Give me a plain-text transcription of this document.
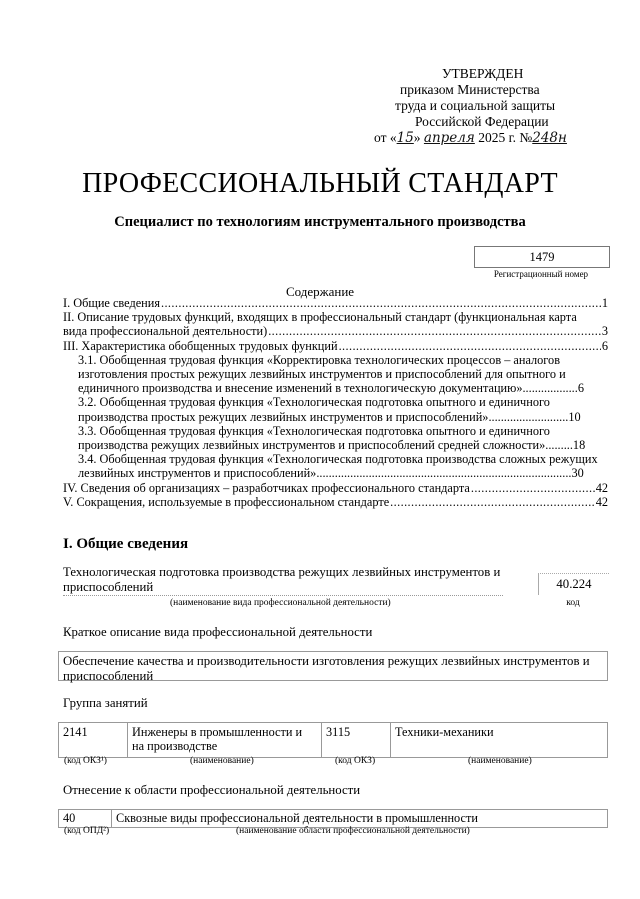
УТВЕРЖДЕН
приказом Министерства
труда и социальной защиты
Российской Федерации
от «15» апреля 2025 г. №248н
ПРОФЕССИОНАЛЬНЫЙ СТАНДАРТ
Специалист по технологиям инструментального производства
1479
Регистрационный номер
Содержание
I. Общие сведения .....	1
II. Описание трудовых функций, входящих в профессиональный стандарт (функциональная карта
вида профессиональной деятельности) .....	3
III. Характеристика обобщенных трудовых функций .....	6
3.1. Обобщенная трудовая функция «Корректировка технологических процессов – аналогов изготовления простых режущих лезвийных инструментов и приспособлений для опытного и единичного производства и внесение изменений в технологическую документацию»..................6
3.2. Обобщенная трудовая функция «Технологическая подготовка опытного и единичного производства простых режущих лезвийных инструментов и приспособлений»..........................10
3.3. Обобщенная трудовая функция «Технологическая подготовка опытного и единичного производства режущих лезвийных инструментов и приспособлений средней сложности».........18
3.4. Обобщенная трудовая функция «Технологическая подготовка производства сложных режущих лезвийных инструментов и приспособлений»...................................................................................30
IV. Сведения об организациях – разработчиках профессионального стандарта .....	42
V. Сокращения, используемые в профессиональном стандарте .....	42
I. Общие сведения
Технологическая подготовка производства режущих лезвийных инструментов и приспособлений
(наименование вида профессиональной деятельности)
40.224
код
Краткое описание вида профессиональной деятельности
Обеспечение качества и производительности изготовления режущих лезвийных инструментов и приспособлений
Группа занятий
2141	Инженеры в промышленности и на производстве	3115	Техники-механики
(код ОКЗ¹)	(наименование)	(код ОКЗ)	(наименование)
Отнесение к области профессиональной деятельности
40	Сквозные виды профессиональной деятельности в промышленности
(код ОПД²)	(наименование области профессиональной деятельности)
